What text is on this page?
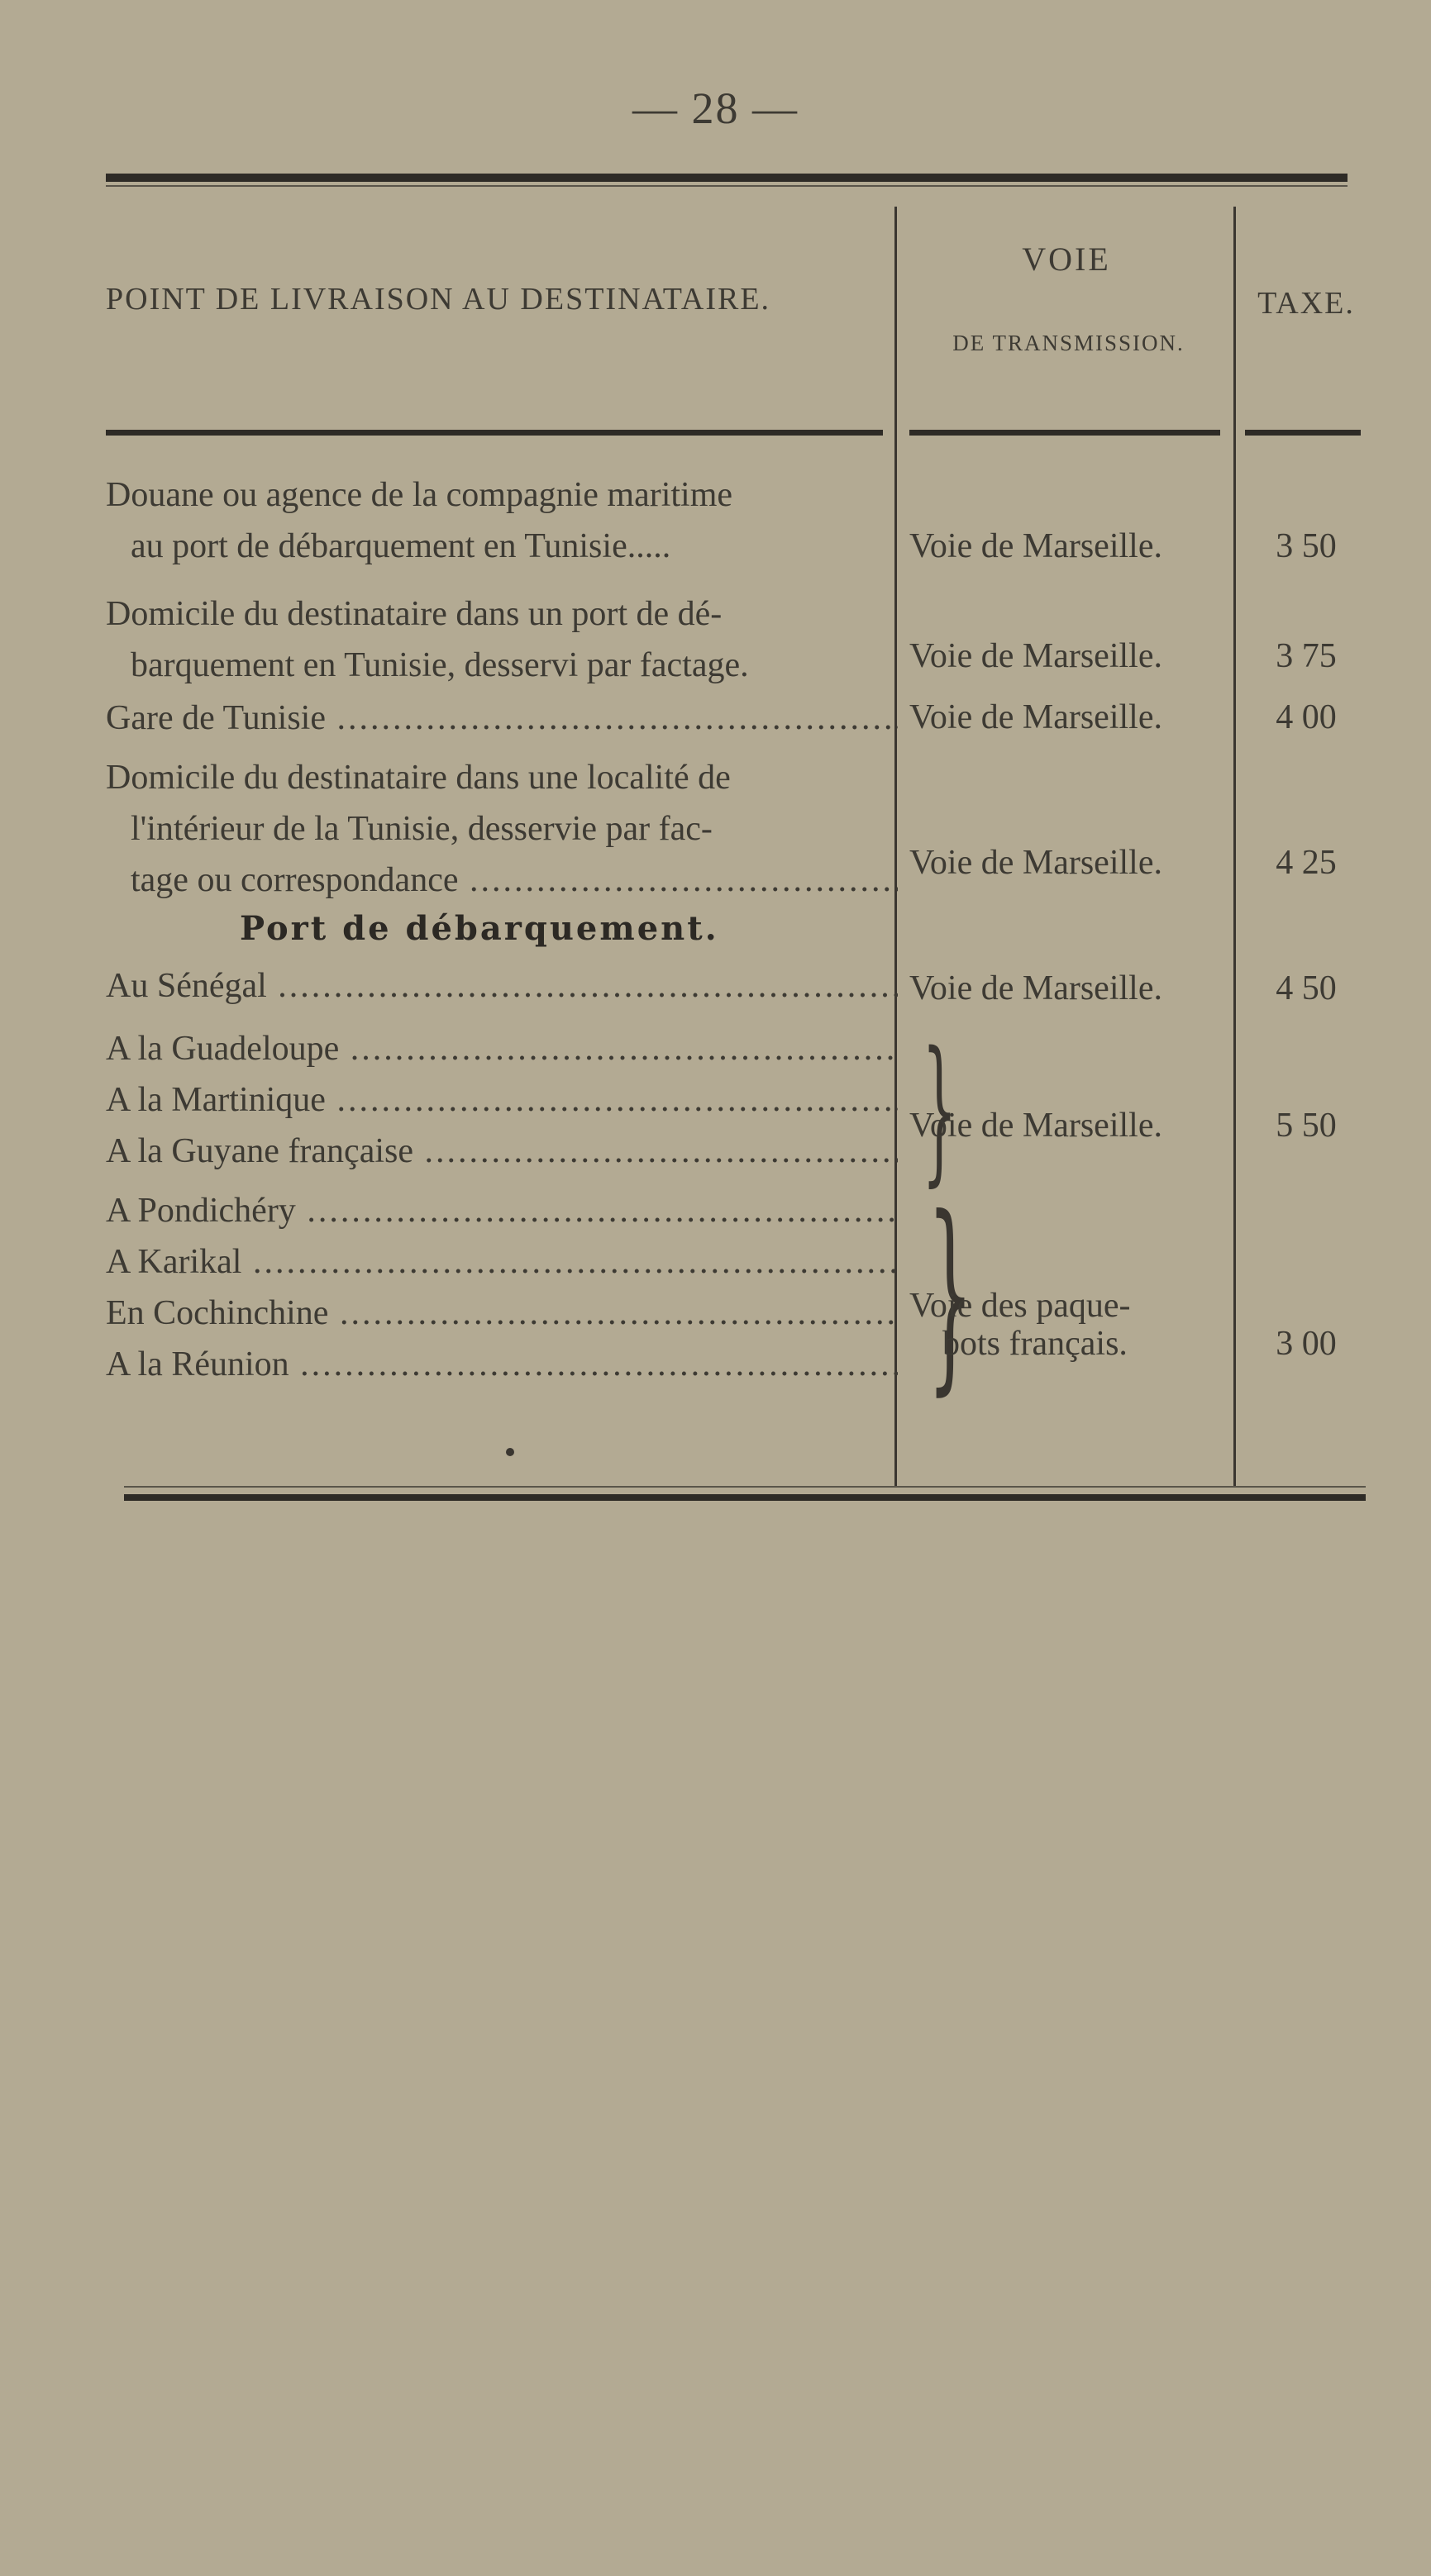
— 28 —
POINT DE LIVRAISON AU DESTINATAIRE.
VOIE
DE TRANSMISSION.
TAXE.
Douane ou agence de la compagnie maritime
au port de débarquement en Tunisie.....	Voie de Marseille.	3 50
Domicile du destinataire dans un port de dé-
barquement en Tunisie, desservi par factage.	Voie de Marseille.	3 75
Gare de Tunisie .....	Voie de Marseille.	4 00
Domicile du destinataire dans une localité de
l'intérieur de la Tunisie, desservie par fac-
tage ou correspondance .....	Voie de Marseille.	4 25
Port de débarquement.
Au Sénégal .....	Voie de Marseille.	4 50
A la Guadeloupe .....
A la Martinique .....
A la Guyane française .....	}
Voie de Marseille.	5 50
A Pondichéry .....
A Karikal .....
En Cochinchine .....
A la Réunion .....	}
Voie des paque-
bots français.	3 00
